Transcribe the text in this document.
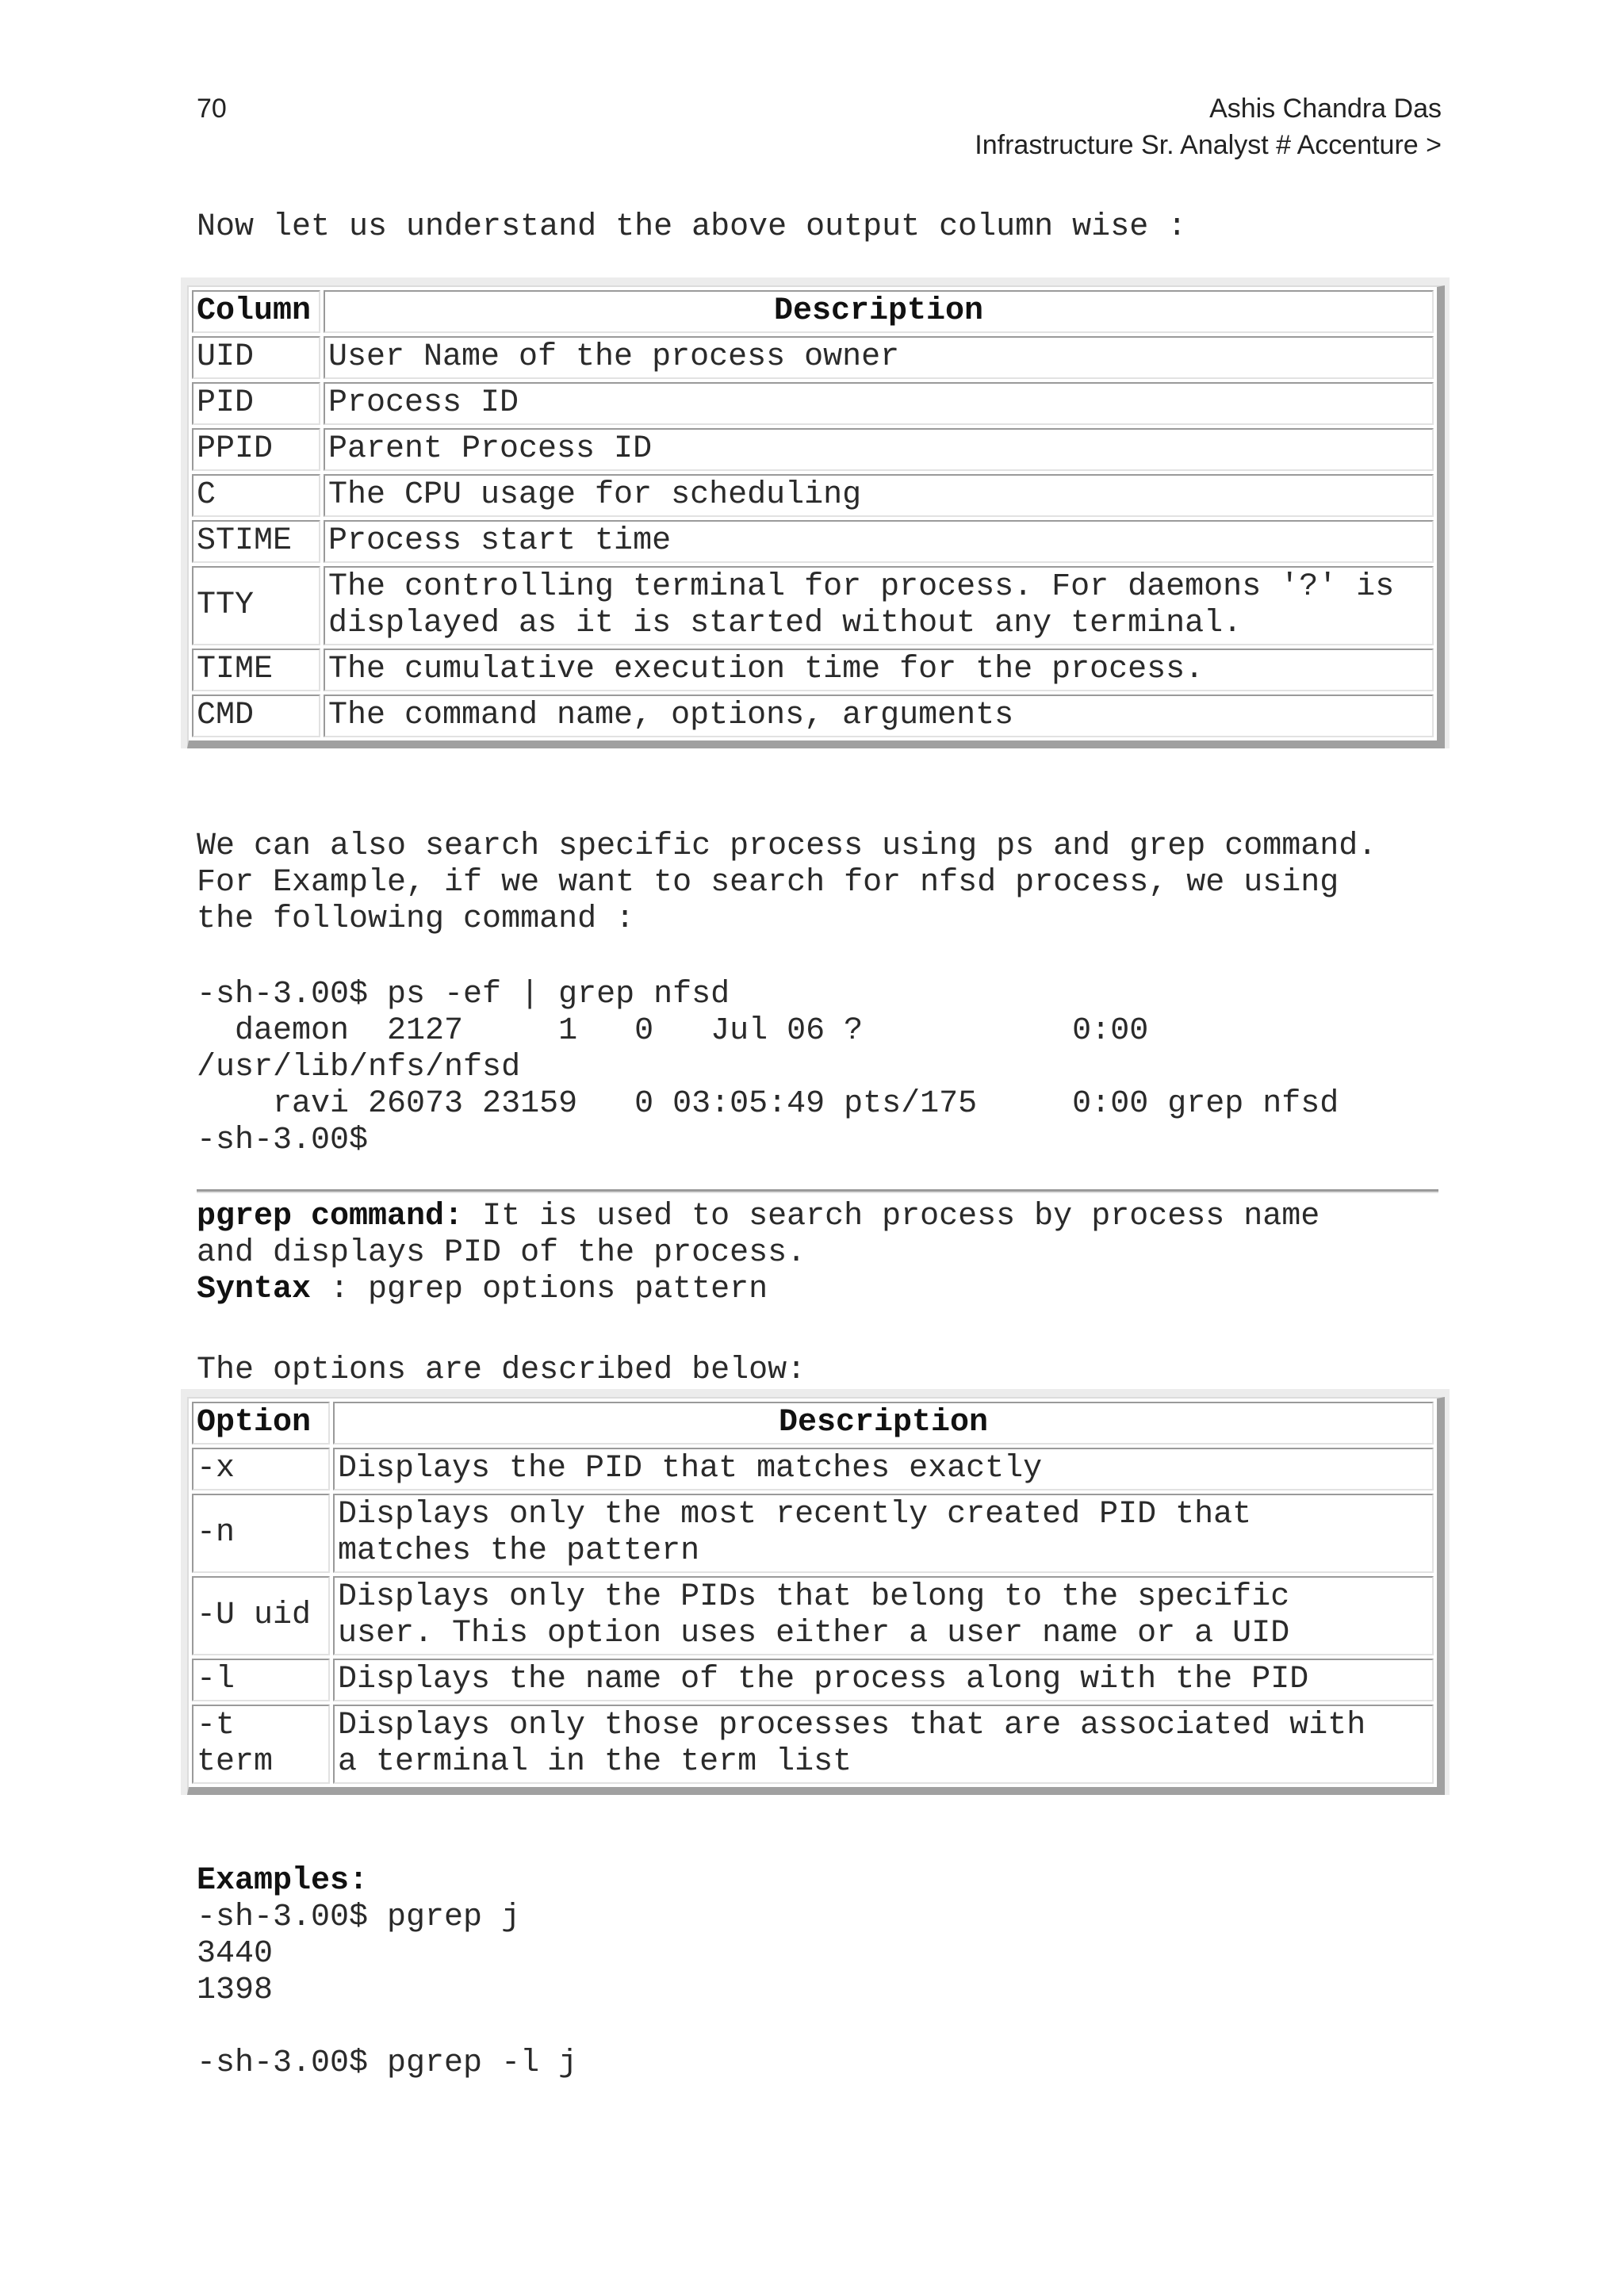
70	Ashis Chandra Das
Infrastructure Sr. Analyst # Accenture >
Now let us understand the above output column wise :
Column	Description
UID	User Name of the process owner
PID	Process ID
PPID	Parent Process ID
C	The CPU usage for scheduling
STIME	Process start time
TTY	The controlling terminal for process. For daemons '?' is
displayed as it is started without any terminal.
TIME	The cumulative execution time for the process.
CMD	The command name, options, arguments
We can also search specific process using ps and grep command.
For Example, if we want to search for nfsd process, we using
the following command :
-sh-3.00$ ps -ef | grep nfsd
daemon  2127     1   0   Jul 06 ?           0:00
/usr/lib/nfs/nfsd
ravi 26073 23159   0 03:05:49 pts/175     0:00 grep nfsd
-sh-3.00$
pgrep command: It is used to search process by process name
and displays PID of the process.
Syntax : pgrep options pattern
The options are described below:
Option	Description
-x	Displays the PID that matches exactly
-n	Displays only the most recently created PID that
matches the pattern
-U uid	Displays only the PIDs that belong to the specific
user. This option uses either a user name or a UID
-l	Displays the name of the process along with the PID
-t
term	Displays only those processes that are associated with
a terminal in the term list
Examples:
-sh-3.00$ pgrep j
3440
1398

-sh-3.00$ pgrep -l j
